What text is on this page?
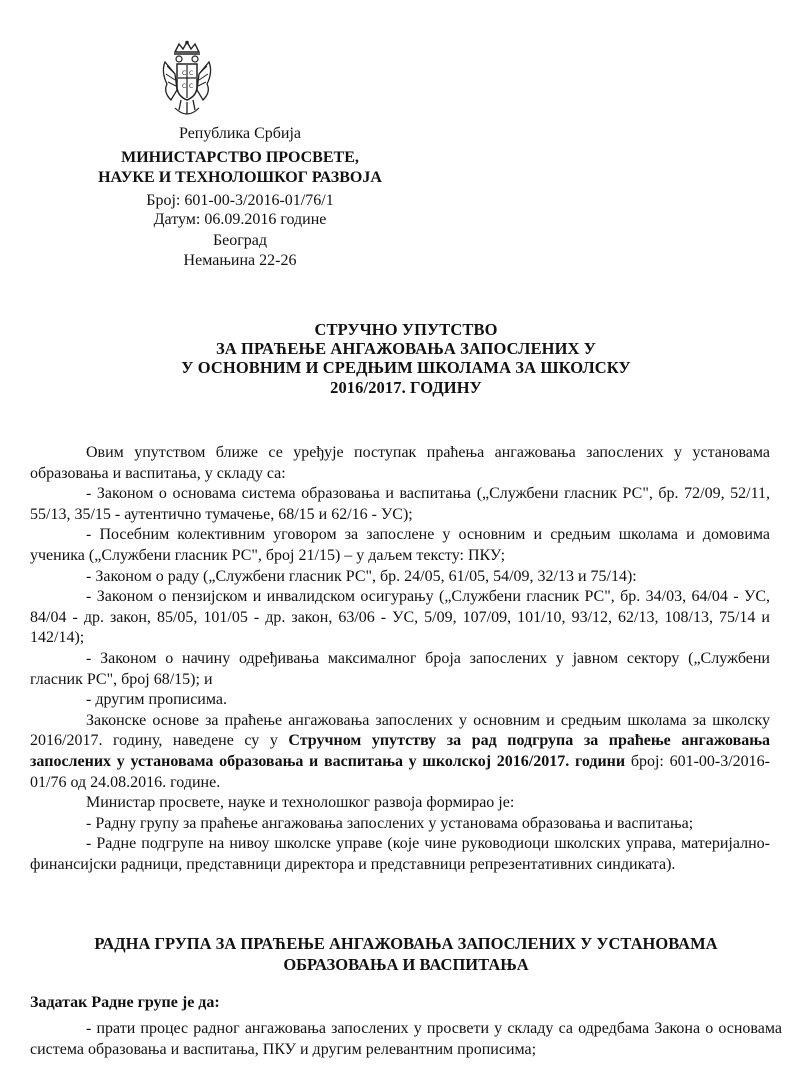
С С
С С
Република Србија
МИНИСТАРСТВО ПРОСВЕТЕ,
НАУКЕ И ТЕХНОЛОШКОГ РАЗВОЈА
Број: 601-00-3/2016-01/76/1
Датум: 06.09.2016 године
Београд
Немањина 22-26
СТРУЧНО УПУТСТВО
ЗА ПРАЋЕЊЕ АНГАЖОВАЊА ЗАПОСЛЕНИХ У
У ОСНОВНИМ И СРЕДЊИМ ШКОЛАМА ЗА ШКОЛСКУ
2016/2017. ГОДИНУ

Овим упутством ближе се уређује поступак праћења ангажовања запослених у установама образовања и васпитања, у складу са:

- Законом о основама система образовања и васпитања („Службени гласник РС", бр. 72/09, 52/11, 55/13, 35/15 - аутентично тумачење, 68/15 и 62/16 - УС);

- Посебним колективним уговором за запослене у основним и средњим школама и домовима ученика („Службени гласник РС", број 21/15) – у даљем тексту: ПКУ;

- Законом о раду („Службени гласник РС", бр. 24/05, 61/05, 54/09, 32/13 и 75/14):

- Законом о пензијском и инвалидском осигурању („Службени гласник РС", бр. 34/03, 64/04 - УС, 84/04 - др. закон, 85/05, 101/05 - др. закон, 63/06 - УС, 5/09, 107/09, 101/10, 93/12, 62/13, 108/13, 75/14 и 142/14);

- Законом о начину одређивања максималног броја запослених у јавном сектору („Службени гласник РС", број 68/15); и

- другим прописима.

Законске основе за праћење ангажовања запослених у основним и средњим школама за школску 2016/2017. годину, наведене су у Стручном упутству за рад подгрупа за праћење ангажовања запослених у установама образовања и васпитања у школској 2016/2017. години број: 601-00-3/2016-01/76 од 24.08.2016. године.

Министар просвете, науке и технолошког развоја формирао је:

- Радну групу за праћење ангажовања запослених у установама образовања и васпитања;

- Радне подгрупе на нивоу школске управе (које чине руководиоци школских управа, материјално-финансијски радници, представници директора и представници репрезентативних синдиката).

РАДНА ГРУПА ЗА ПРАЋЕЊЕ АНГАЖОВАЊА ЗАПОСЛЕНИХ У УСТАНОВАМА
ОБРАЗОВАЊА И ВАСПИТАЊА
Задатак Радне групе је да:

- прати процес радног ангажовања запослених у просвети у складу са одредбама Закона о основама система образовања и васпитања, ПКУ и другим релевантним прописима;
